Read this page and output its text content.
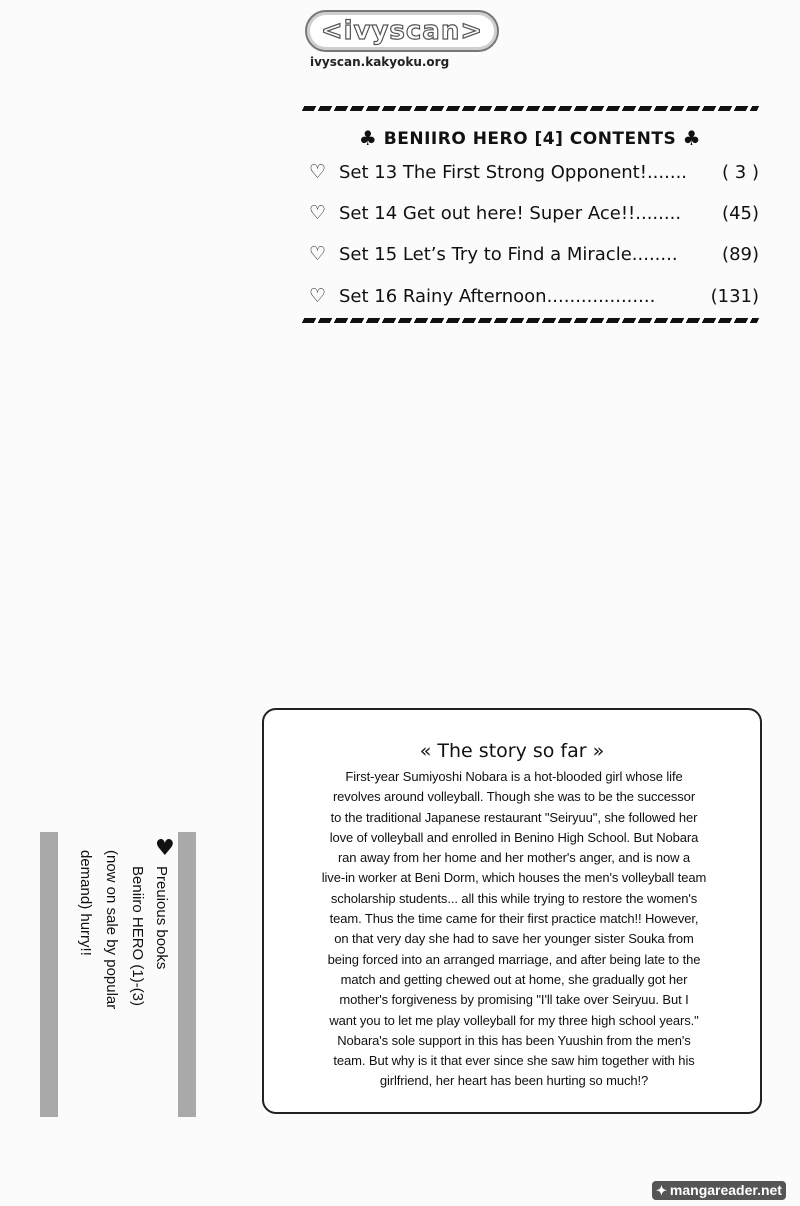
<ivyscan>
ivyscan.kakyoku.org
♣ BENIIRO HERO [4] CONTENTS ♣
♡ Set 13 The First Strong Opponent!.......	( 3 )
♡ Set 14 Get out here! Super Ace!!........	(45)
♡ Set 15 Let’s Try to Find a Miracle........	(89)
♡ Set 16 Rainy Afternoon...................	(131)
« The story so far »
First-year Sumiyoshi Nobara is a hot-blooded girl whose life
revolves around volleyball. Though she was to be the successor
to the traditional Japanese restaurant "Seiryuu", she followed her
love of volleyball and enrolled in Benino High School. But Nobara
ran away from her home and her mother's anger, and is now a
live-in worker at Beni Dorm, which houses the men's volleyball team
scholarship students... all this while trying to restore the women's
team. Thus the time came for their first practice match!! However,
on that very day she had to save her younger sister Souka from
being forced into an arranged marriage, and after being late to the
match and getting chewed out at home, she gradually got her
mother's forgiveness by promising "I'll take over Seiryuu. But I
want you to let me play volleyball for my three high school years."
Nobara's sole support in this has been Yuushin from the men's
team. But why is it that ever since she saw him together with his
girlfriend, her heart has been hurting so much!?
♥
Preuious books
Beniiro HERO (1)-(3)
(now on sale by popular
demand) hurry!!
✦ mangareader.net
